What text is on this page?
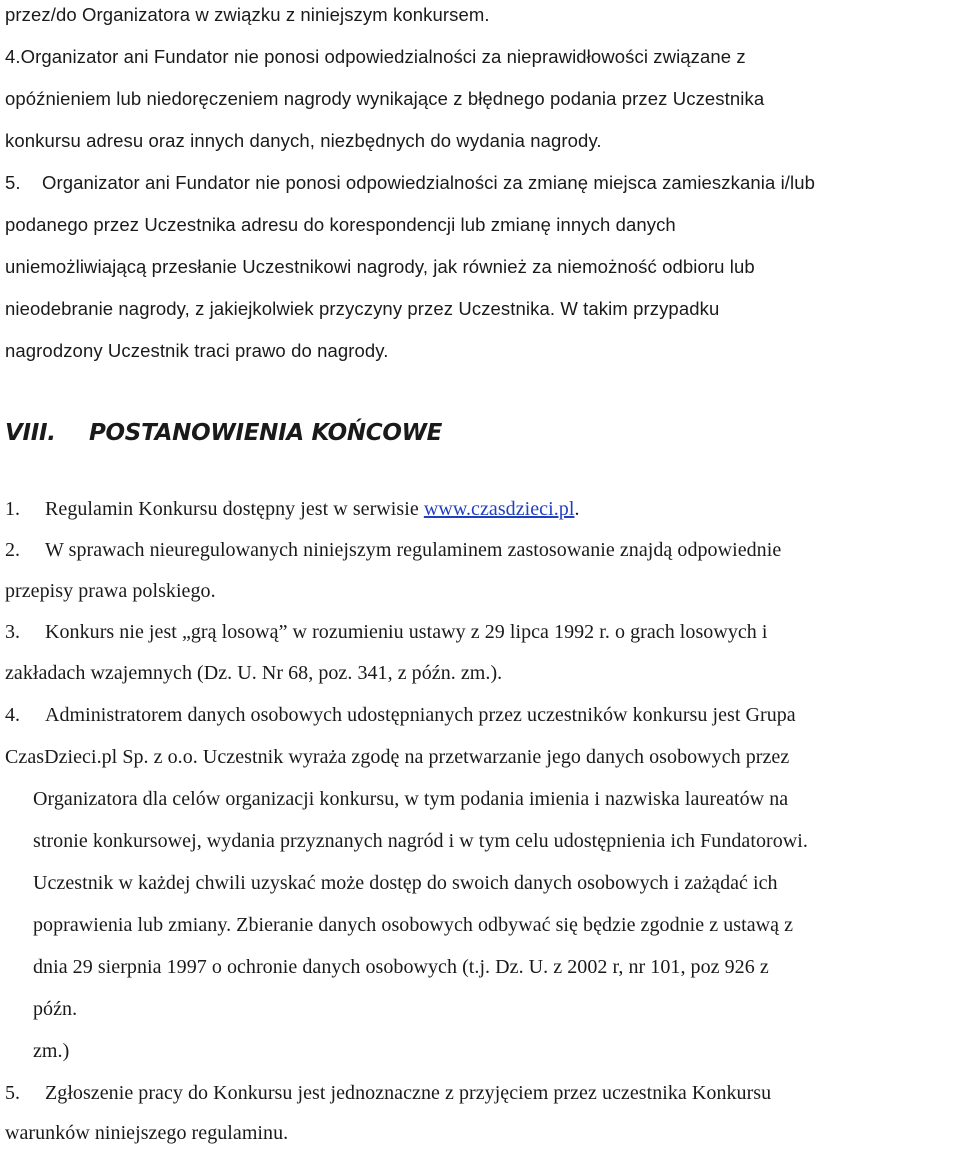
przez/do Organizatora w związku z niniejszym konkursem.
4.Organizator ani Fundator nie ponosi odpowiedzialności za nieprawidłowości związane z
opóźnieniem lub niedoręczeniem nagrody wynikające z błędnego podania przez Uczestnika
konkursu adresu oraz innych danych, niezbędnych do wydania nagrody.
5. Organizator ani Fundator nie ponosi odpowiedzialności za zmianę miejsca zamieszkania i/lub
podanego przez Uczestnika adresu do korespondencji lub zmianę innych danych
uniemożliwiającą przesłanie Uczestnikowi nagrody, jak również za niemożność odbioru lub
nieodebranie nagrody, z jakiejkolwiek przyczyny przez Uczestnika. W takim przypadku
nagrodzony Uczestnik traci prawo do nagrody.
VIII. POSTANOWIENIA KOŃCOWE
1. Regulamin Konkursu dostępny jest w serwisie www.czasdzieci.pl.
2. W sprawach nieuregulowanych niniejszym regulaminem zastosowanie znajdą odpowiednie
przepisy prawa polskiego.
3. Konkurs nie jest „grą losową” w rozumieniu ustawy z 29 lipca 1992 r. o grach losowych i
zakładach wzajemnych (Dz. U. Nr 68, poz. 341, z późn. zm.).
4. Administratorem danych osobowych udostępnianych przez uczestników konkursu jest Grupa
CzasDzieci.pl Sp. z o.o. Uczestnik wyraża zgodę na przetwarzanie jego danych osobowych przez
Organizatora dla celów organizacji konkursu, w tym podania imienia i nazwiska laureatów na
stronie konkursowej, wydania przyznanych nagród i w tym celu udostępnienia ich Fundatorowi.
Uczestnik w każdej chwili uzyskać może dostęp do swoich danych osobowych i zażądać ich
poprawienia lub zmiany. Zbieranie danych osobowych odbywać się będzie zgodnie z ustawą z
dnia 29 sierpnia 1997 o ochronie danych osobowych (t.j. Dz. U. z 2002 r, nr 101, poz 926 z
późn.
zm.)
5. Zgłoszenie pracy do Konkursu jest jednoznaczne z przyjęciem przez uczestnika Konkursu
warunków niniejszego regulaminu.
